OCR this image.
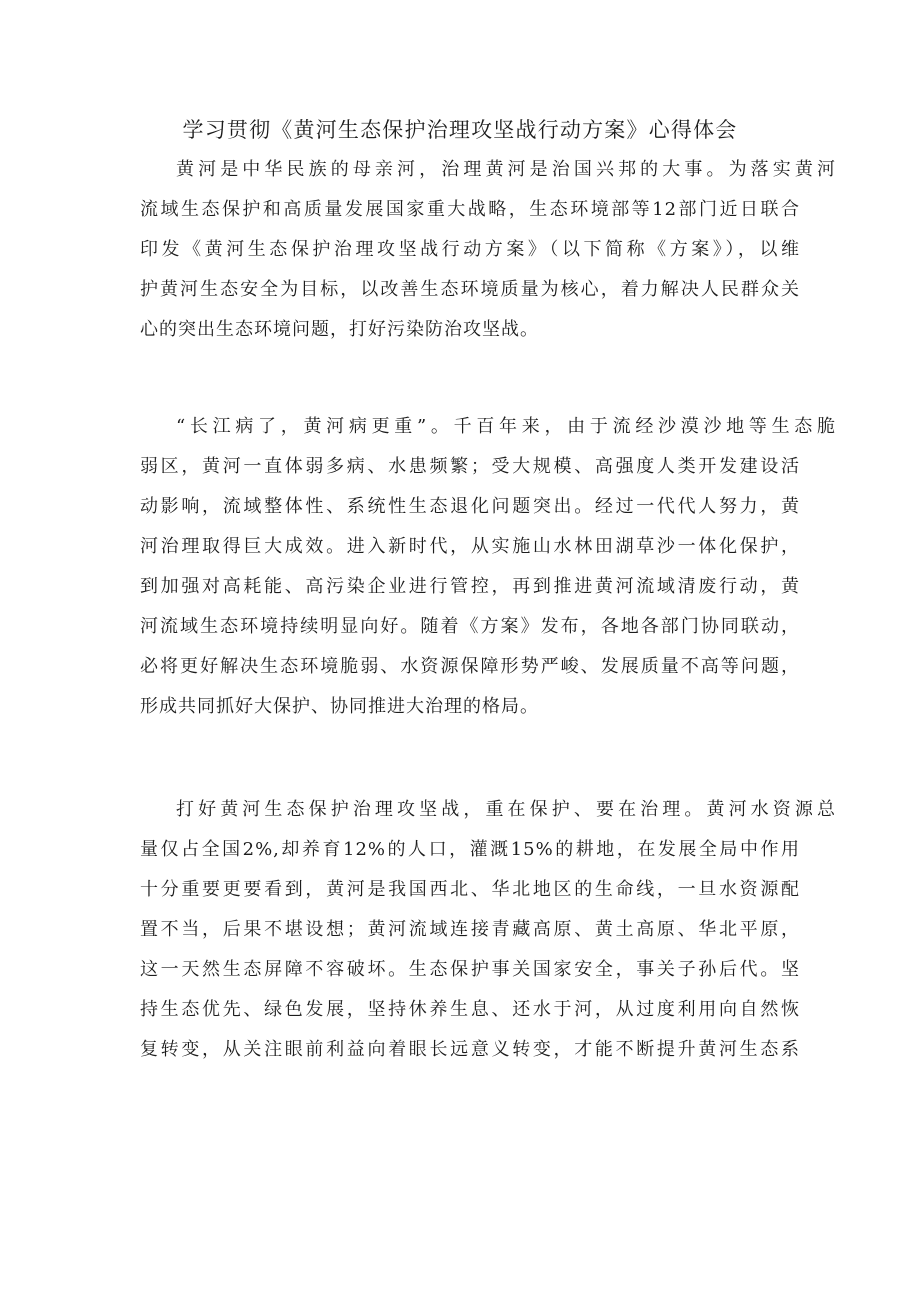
学习贯彻《黄河生态保护治理攻坚战行动方案》心得体会
黄河是中华民族的母亲河，治理黄河是治国兴邦的大事。为落实黄河
流域生态保护和高质量发展国家重大战略，生态环境部等12部门近日联合
印发《黄河生态保护治理攻坚战行动方案》（以下简称《方案》），以维
护黄河生态安全为目标，以改善生态环境质量为核心，着力解决人民群众关
心的突出生态环境问题，打好污染防治攻坚战。
“长江病了，黄河病更重”。千百年来，由于流经沙漠沙地等生态脆
弱区，黄河一直体弱多病、水患频繁；受大规模、高强度人类开发建设活
动影响，流域整体性、系统性生态退化问题突出。经过一代代人努力，黄
河治理取得巨大成效。进入新时代，从实施山水林田湖草沙一体化保护，
到加强对高耗能、高污染企业进行管控，再到推进黄河流域清废行动，黄
河流域生态环境持续明显向好。随着《方案》发布，各地各部门协同联动，
必将更好解决生态环境脆弱、水资源保障形势严峻、发展质量不高等问题，
形成共同抓好大保护、协同推进大治理的格局。
打好黄河生态保护治理攻坚战，重在保护、要在治理。黄河水资源总
量仅占全国2%,却养育12%的人口，灌溉15%的耕地，在发展全局中作用
十分重要更要看到，黄河是我国西北、华北地区的生命线，一旦水资源配
置不当，后果不堪设想；黄河流域连接青藏高原、黄土高原、华北平原，
这一天然生态屏障不容破坏。生态保护事关国家安全，事关子孙后代。坚
持生态优先、绿色发展，坚持休养生息、还水于河，从过度利用向自然恢
复转变，从关注眼前利益向着眼长远意义转变，才能不断提升黄河生态系
